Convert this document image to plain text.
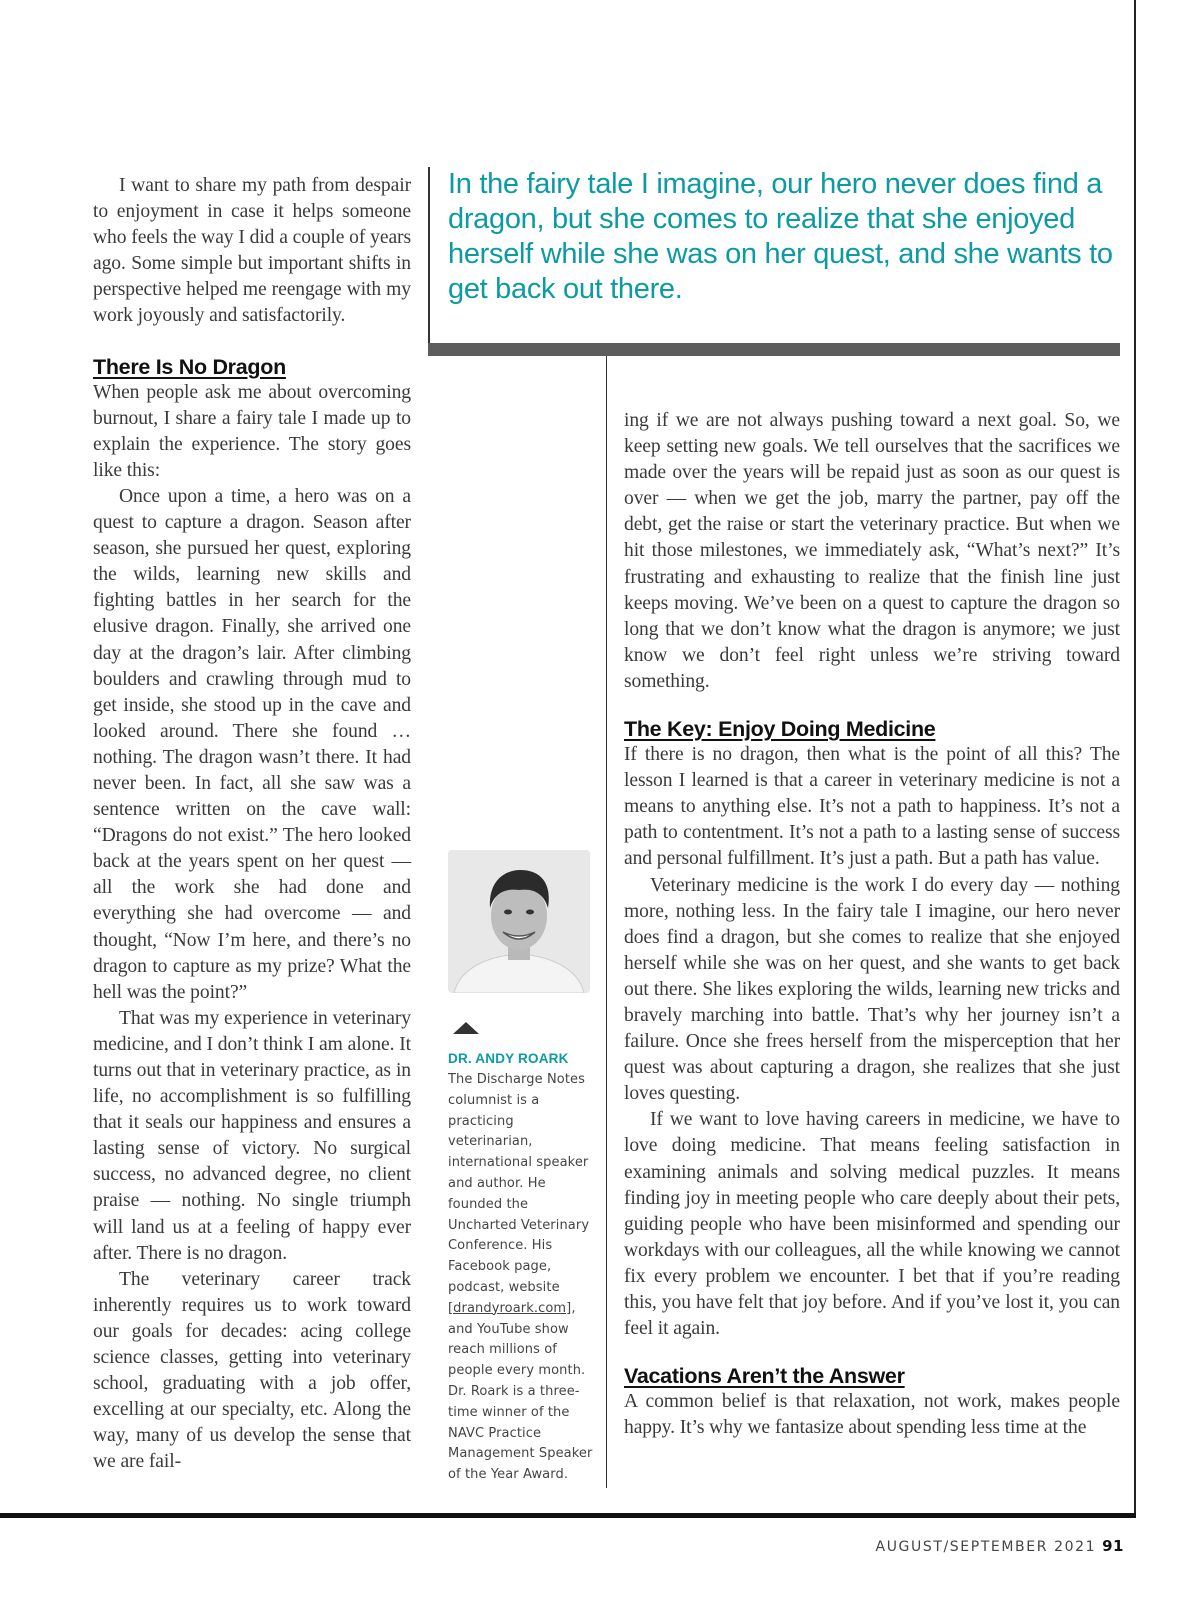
I want to share my path from despair to enjoyment in case it helps someone who feels the way I did a couple of years ago. Some simple but important shifts in perspective helped me reengage with my work joyously and satisfactorily.

There Is No Dragon

When people ask me about overcoming burnout, I share a fairy tale I made up to explain the experience. The story goes like this:

Once upon a time, a hero was on a quest to capture a dragon. Season after season, she pursued her quest, exploring the wilds, learning new skills and fighting battles in her search for the elusive dragon. Finally, she arrived one day at the dragon’s lair. After climbing boulders and crawling through mud to get inside, she stood up in the cave and looked around. There she found … nothing. The dragon wasn’t there. It had never been. In fact, all she saw was a sentence written on the cave wall: “Dragons do not exist.” The hero looked back at the years spent on her quest — all the work she had done and everything she had overcome — and thought, “Now I’m here, and there’s no dragon to capture as my prize? What the hell was the point?”

That was my experience in veterinary medicine, and I don’t think I am alone. It turns out that in veterinary practice, as in life, no accomplishment is so fulfilling that it seals our happiness and ensures a lasting sense of victory. No surgical success, no advanced degree, no client praise — nothing. No single triumph will land us at a feeling of happy ever after. There is no dragon.

The veterinary career track inherently requires us to work toward our goals for decades: acing college science classes, getting into veterinary school, graduating with a job offer, excelling at our specialty, etc. Along the way, many of us develop the sense that we are fail-

In the fairy tale I imagine, our hero never does find a dragon, but she comes to realize that she enjoyed herself while she was on her quest, and she wants to get back out there.

DR. ANDY ROARK

The Discharge Notes columnist is a practicing veterinarian, international speaker and author. He founded the Uncharted Veterinary Conference. His Facebook page, podcast, website [drandyroark.com], and YouTube show reach millions of people every month. Dr. Roark is a three-time winner of the NAVC Practice Management Speaker of the Year Award.

ing if we are not always pushing toward a next goal. So, we keep setting new goals. We tell ourselves that the sacrifices we made over the years will be repaid just as soon as our quest is over — when we get the job, marry the partner, pay off the debt, get the raise or start the veterinary practice. But when we hit those milestones, we immediately ask, “What’s next?” It’s frustrating and exhausting to realize that the finish line just keeps moving. We’ve been on a quest to capture the dragon so long that we don’t know what the dragon is anymore; we just know we don’t feel right unless we’re striving toward something.

The Key: Enjoy Doing Medicine

If there is no dragon, then what is the point of all this? The lesson I learned is that a career in veterinary medicine is not a means to anything else. It’s not a path to happiness. It’s not a path to contentment. It’s not a path to a lasting sense of success and personal fulfillment. It’s just a path. But a path has value.

Veterinary medicine is the work I do every day — nothing more, nothing less. In the fairy tale I imagine, our hero never does find a dragon, but she comes to realize that she enjoyed herself while she was on her quest, and she wants to get back out there. She likes exploring the wilds, learning new tricks and bravely marching into battle. That’s why her journey isn’t a failure. Once she frees herself from the misperception that her quest was about capturing a dragon, she realizes that she just loves questing.

If we want to love having careers in medicine, we have to love doing medicine. That means feeling satisfaction in examining animals and solving medical puzzles. It means finding joy in meeting people who care deeply about their pets, guiding people who have been misinformed and spending our workdays with our colleagues, all the while knowing we cannot fix every problem we encounter. I bet that if you’re reading this, you have felt that joy before. And if you’ve lost it, you can feel it again.

Vacations Aren’t the Answer

A common belief is that relaxation, not work, makes people happy. It’s why we fantasize about spending less time at the

AUGUST/SEPTEMBER 2021 91
